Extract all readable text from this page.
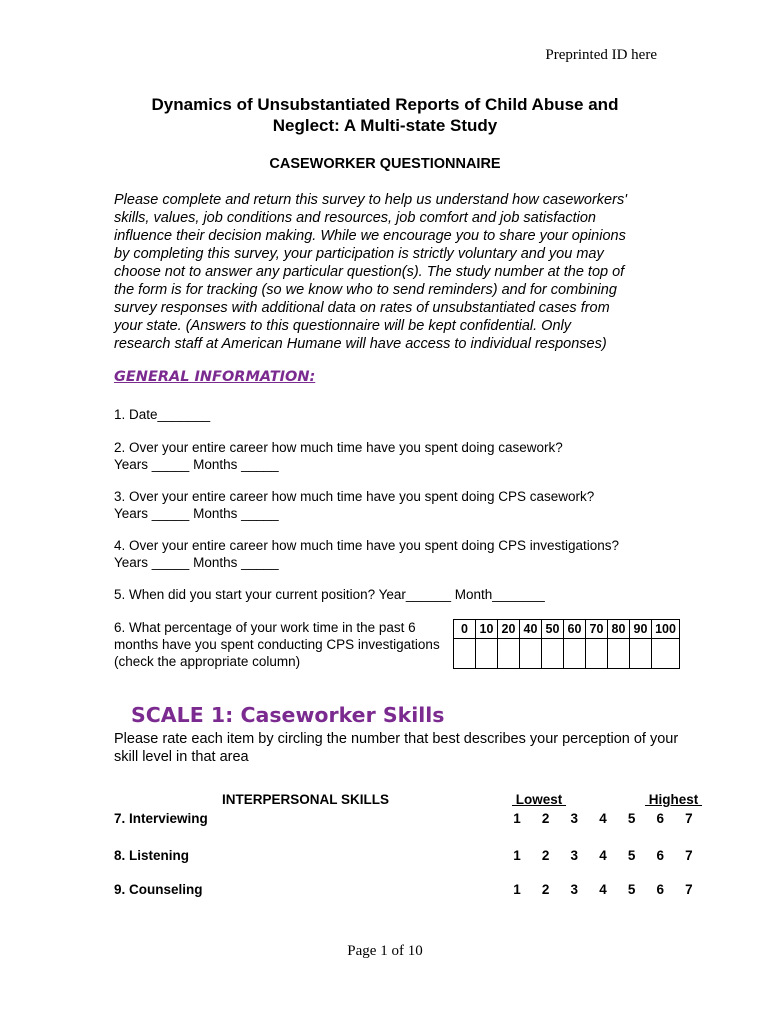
Preprinted ID here
Dynamics of Unsubstantiated Reports of Child Abuse and
Neglect: A Multi-state Study
CASEWORKER QUESTIONNAIRE
Please complete and return this survey to help us understand how caseworkers'
skills, values, job conditions and resources, job comfort and job satisfaction
influence their decision making. While we encourage you to share your opinions
by completing this survey, your participation is strictly voluntary and you may
choose not to answer any particular question(s). The study number at the top of
the form is for tracking (so we know who to send reminders) and for combining
survey responses with additional data on rates of unsubstantiated cases from
your state. (Answers to this questionnaire will be kept confidential. Only
research staff at American Humane will have access to individual responses)
GENERAL INFORMATION:
1. Date_______
2. Over your entire career how much time have you spent doing casework?
Years _____ Months _____
3. Over your entire career how much time have you spent doing CPS casework?
Years _____ Months _____
4. Over your entire career how much time have you spent doing CPS investigations?
Years _____ Months _____
5. When did you start your current position? Year______ Month_______
6. What percentage of your work time in the past 6
months have you spent conducting CPS investigations
(check the appropriate column)
0	10	20	40	50	60	70	80	90	100

SCALE 1: Caseworker Skills
Please rate each item by circling the number that best describes your perception of your
skill level in that area
INTERPERSONAL SKILLS	Lowest	Highest
7. Interviewing	1	2	3	4	5	6	7
8. Listening	1	2	3	4	5	6	7
9. Counseling	1	2	3	4	5	6	7
Page 1 of 10
